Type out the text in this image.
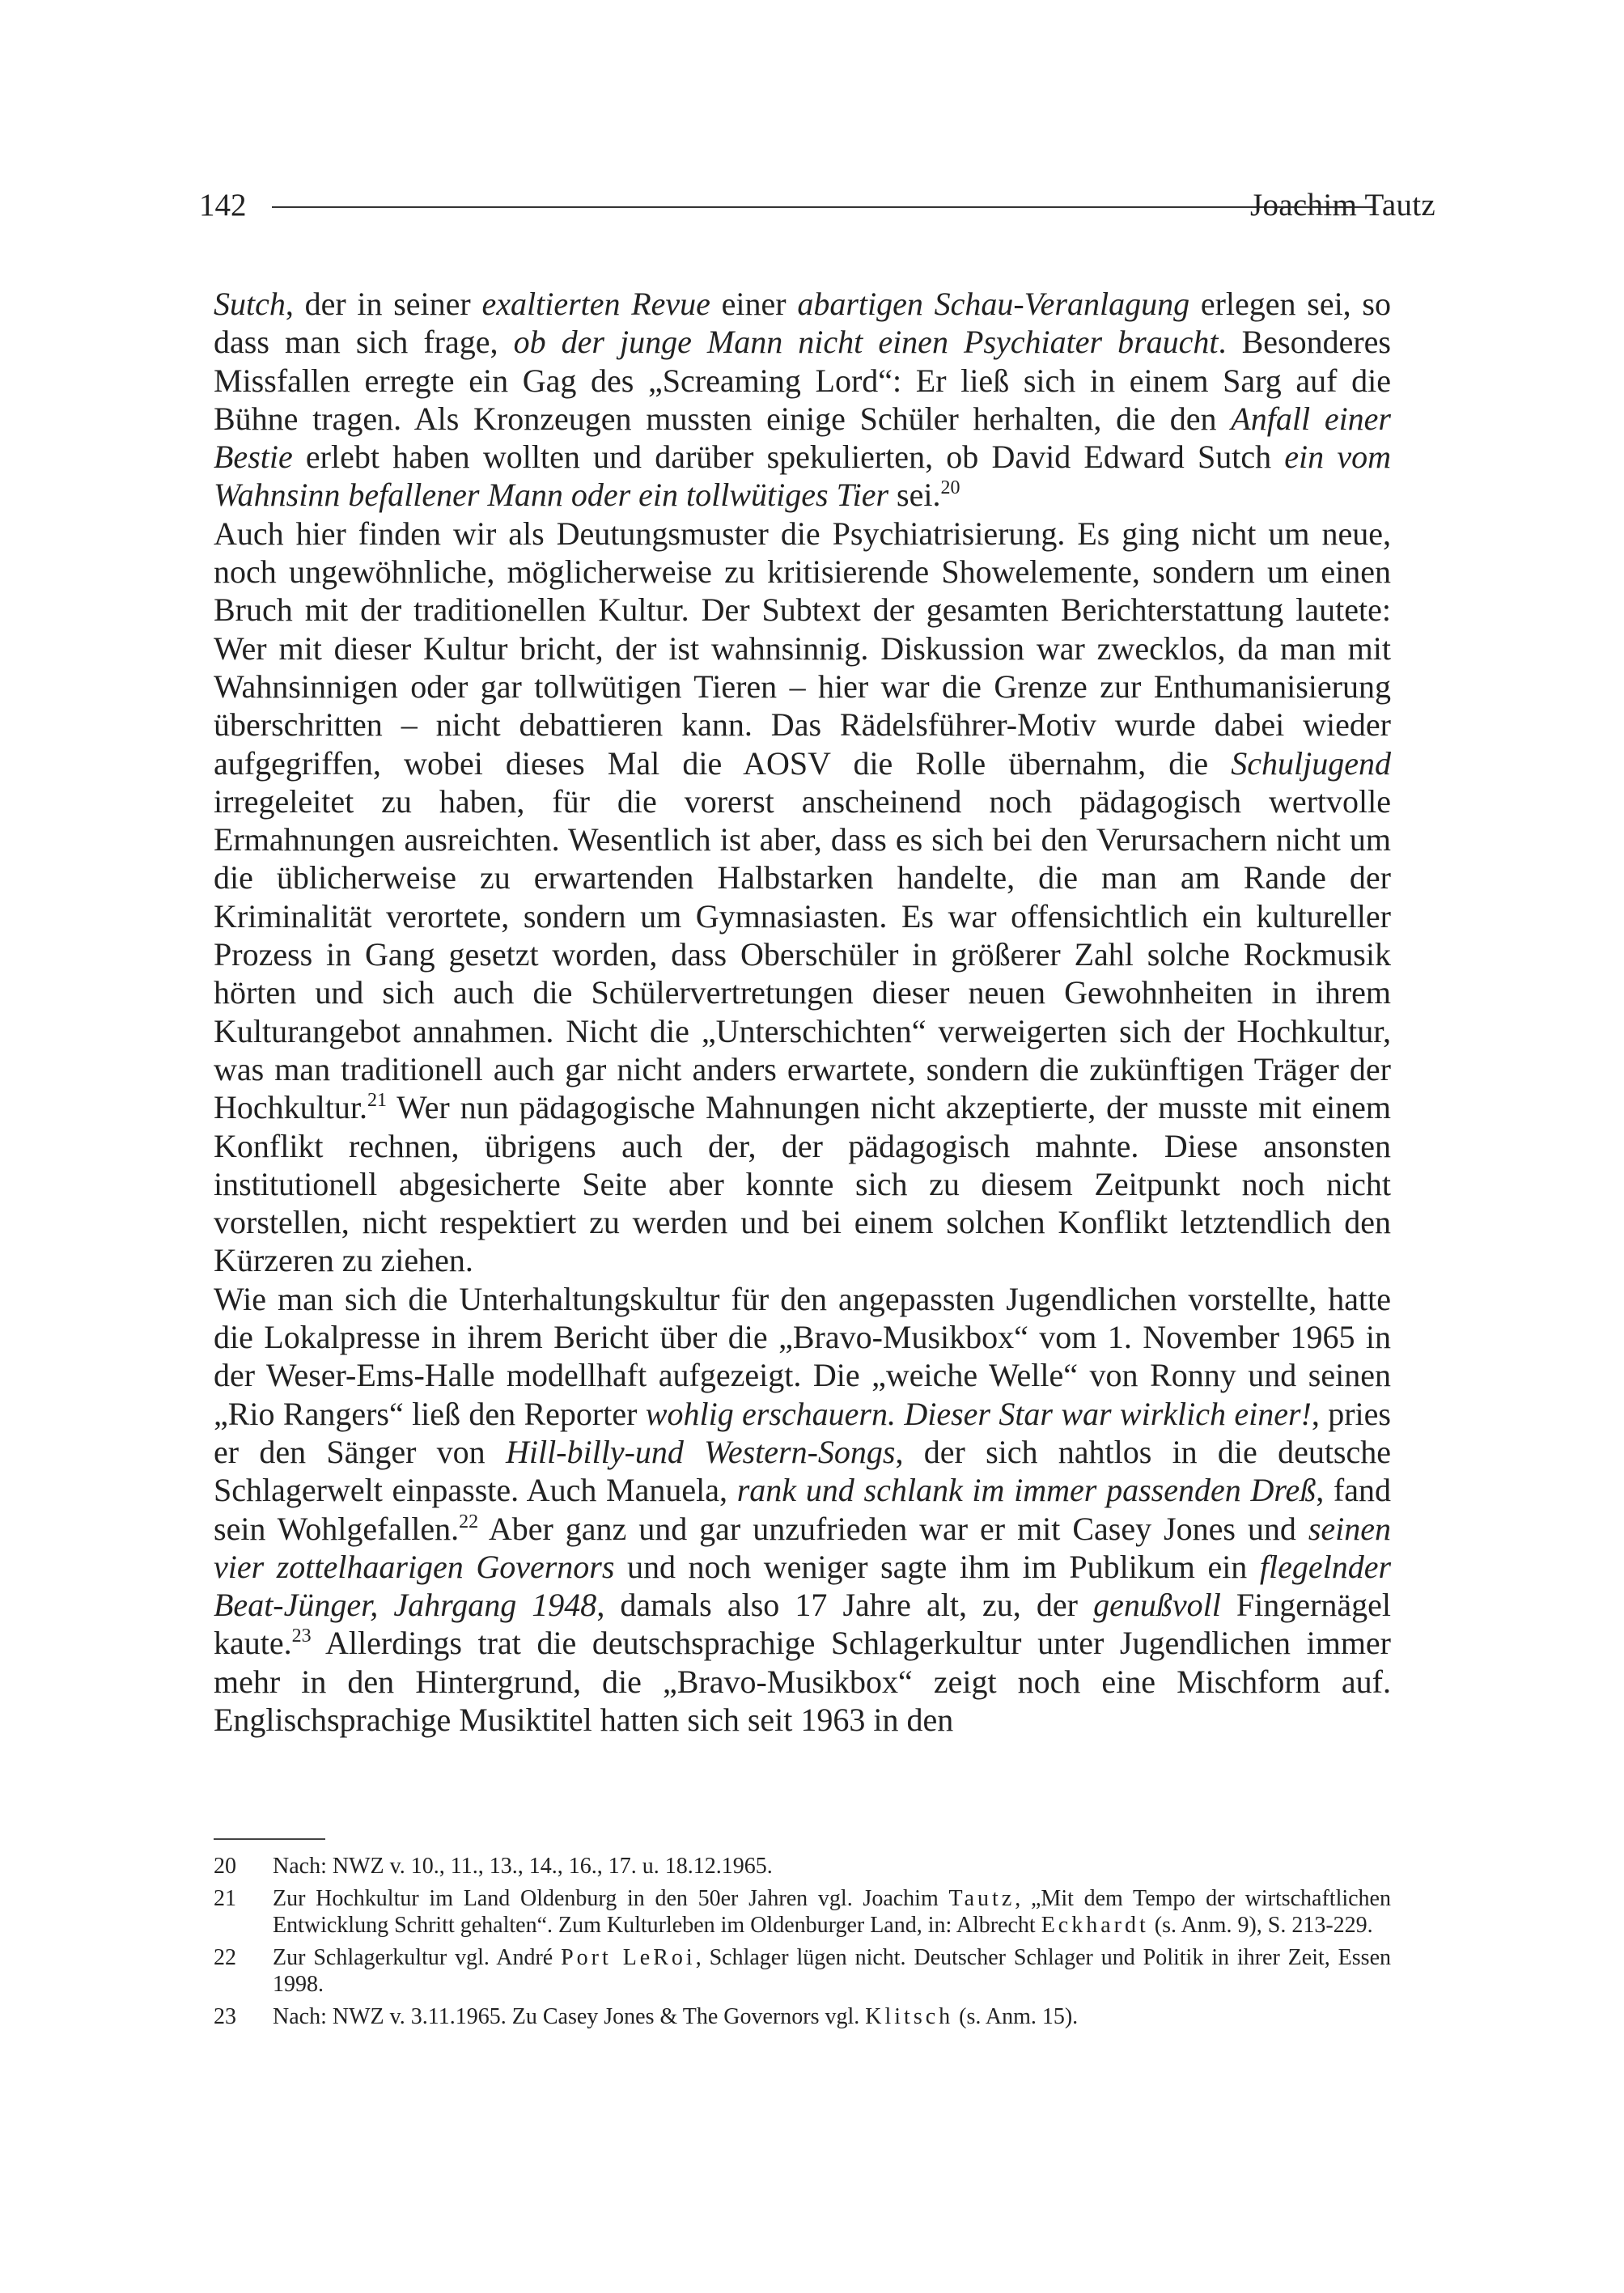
142	Joachim Tautz

Sutch, der in seiner exaltierten Revue einer abartigen Schau-Veranlagung erlegen sei, so dass man sich frage, ob der junge Mann nicht einen Psychiater braucht. Besonderes Missfallen erregte ein Gag des „Screaming Lord“: Er ließ sich in einem Sarg auf die Bühne tragen. Als Kronzeugen mussten einige Schüler herhalten, die den Anfall einer Bestie erlebt haben wollten und darüber spekulierten, ob David Edward Sutch ein vom Wahnsinn befallener Mann oder ein tollwütiges Tier sei.$^{20}$

Auch hier finden wir als Deutungsmuster die Psychiatrisierung. Es ging nicht um neue, noch ungewöhnliche, möglicherweise zu kritisierende Showelemente, sondern um einen Bruch mit der traditionellen Kultur. Der Subtext der gesamten Berichterstattung lautete: Wer mit dieser Kultur bricht, der ist wahnsinnig. Diskussion war zwecklos, da man mit Wahnsinnigen oder gar tollwütigen Tieren – hier war die Grenze zur Enthumanisierung überschritten – nicht debattieren kann. Das Rädelsführer-Motiv wurde dabei wieder aufgegriffen, wobei dieses Mal die AOSV die Rolle übernahm, die Schuljugend irregeleitet zu haben, für die vorerst anscheinend noch pädagogisch wertvolle Ermahnungen ausreichten. Wesentlich ist aber, dass es sich bei den Verursachern nicht um die üblicherweise zu erwartenden Halbstarken handelte, die man am Rande der Kriminalität verortete, sondern um Gymnasiasten. Es war offensichtlich ein kultureller Prozess in Gang gesetzt worden, dass Oberschüler in größerer Zahl solche Rockmusik hörten und sich auch die Schülervertretungen dieser neuen Gewohnheiten in ihrem Kulturangebot annahmen. Nicht die „Unterschichten“ verweigerten sich der Hochkultur, was man traditionell auch gar nicht anders erwartete, sondern die zukünftigen Träger der Hochkultur.$^{21}$ Wer nun pädagogische Mahnungen nicht akzeptierte, der musste mit einem Konflikt rechnen, übrigens auch der, der pädagogisch mahnte. Diese ansonsten institutionell abgesicherte Seite aber konnte sich zu diesem Zeitpunkt noch nicht vorstellen, nicht respektiert zu werden und bei einem solchen Konflikt letztendlich den Kürzeren zu ziehen.

Wie man sich die Unterhaltungskultur für den angepassten Jugendlichen vorstellte, hatte die Lokalpresse in ihrem Bericht über die „Bravo-Musikbox“ vom 1. November 1965 in der Weser-Ems-Halle modellhaft aufgezeigt. Die „weiche Welle“ von Ronny und seinen „Rio Rangers“ ließ den Reporter wohlig erschauern. Dieser Star war wirklich einer!, pries er den Sänger von Hill-billy-und Western-Songs, der sich nahtlos in die deutsche Schlagerwelt einpasste. Auch Manuela, rank und schlank im immer passenden Dreß, fand sein Wohlgefallen.$^{22}$ Aber ganz und gar unzufrieden war er mit Casey Jones und seinen vier zottelhaarigen Governors und noch weniger sagte ihm im Publikum ein flegelnder Beat-Jünger, Jahrgang 1948, damals also 17 Jahre alt, zu, der genußvoll Fingernägel kaute.$^{23}$ Allerdings trat die deutschsprachige Schlagerkultur unter Jugendlichen immer mehr in den Hintergrund, die „Bravo-Musikbox“ zeigt noch eine Mischform auf. Englischsprachige Musiktitel hatten sich seit 1963 in den

20 Nach: NWZ v. 10., 11., 13., 14., 16., 17. u. 18.12.1965.
21 Zur Hochkultur im Land Oldenburg in den 50er Jahren vgl. Joachim Tautz, „Mit dem Tempo der wirtschaftlichen Entwicklung Schritt gehalten“. Zum Kulturleben im Oldenburger Land, in: Albrecht Eckhardt (s. Anm. 9), S. 213-229.
22 Zur Schlagerkultur vgl. André Port LeRoi, Schlager lügen nicht. Deutscher Schlager und Politik in ihrer Zeit, Essen 1998.
23 Nach: NWZ v. 3.11.1965. Zu Casey Jones & The Governors vgl. Klitsch (s. Anm. 15).
